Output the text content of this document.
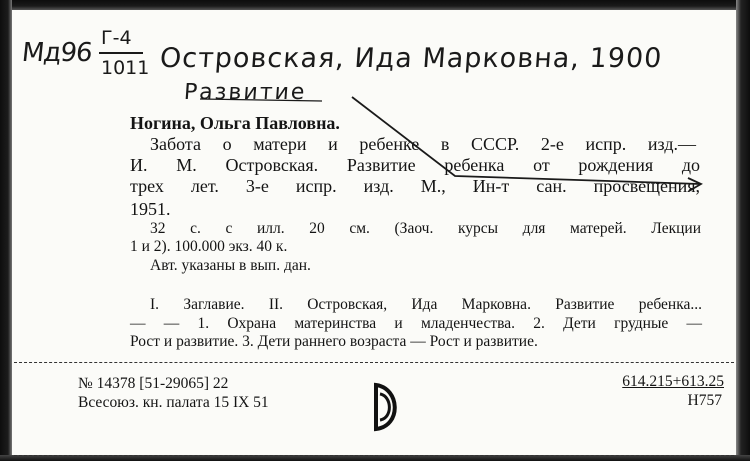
Мд96 Г-4
1011 Островская, Ида Марковна, 1900
Развитие
Ногина, Ольга Павловна.
Забота о матери и ребенке в СССР. 2-е испр. изд.—
И. М. Островская. Развитие ребенка от рождения до
трех лет. 3-е испр. изд. М., Ин-т сан. просвещения,
1951.
32 с. с илл. 20 см. (Заоч. курсы для матерей. Лекции
1 и 2). 100.000 экз. 40 к.
Авт. указаны в вып. дан.
I. Заглавие. II. Островская, Ида Марковна. Развитие ребенка...
— — 1. Охрана материнства и младенчества. 2. Дети грудные —
Рост и развитие. 3. Дети раннего возраста — Рост и развитие.
№ 14378 [51-29065] 22
Всесоюз. кн. палата 15 IX 51
614.215+613.25
Н757
